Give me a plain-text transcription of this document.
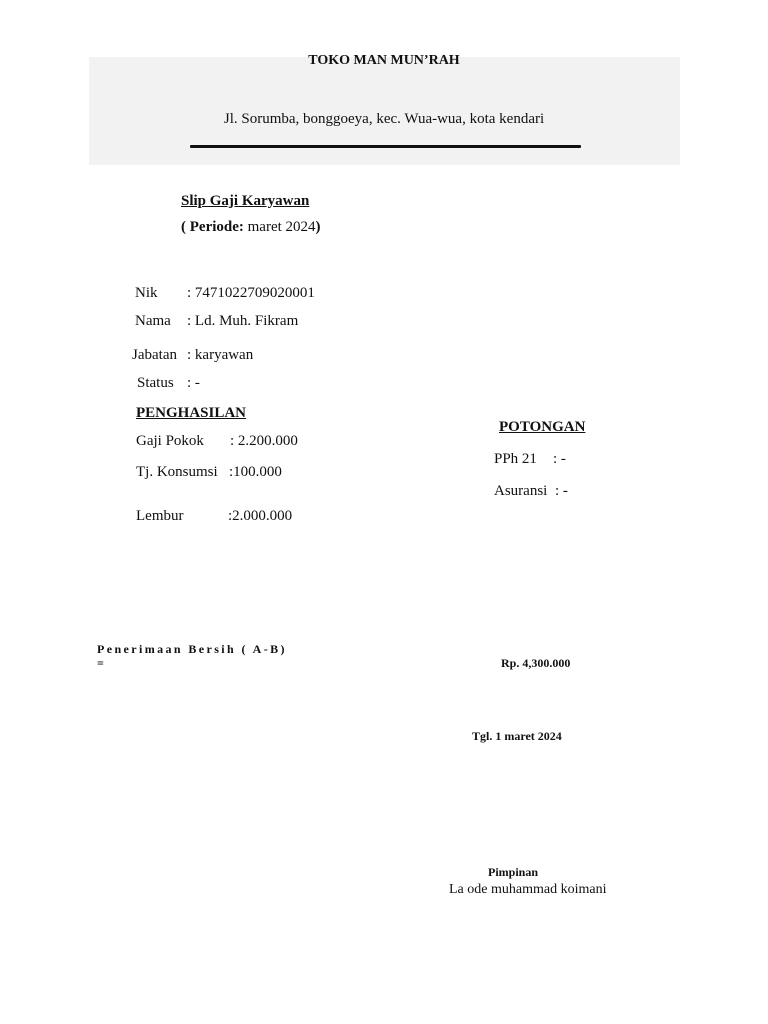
TOKO MAN MUN’RAH
Jl. Sorumba, bonggoeya, kec. Wua-wua, kota kendari
Slip Gaji Karyawan
( Periode: maret 2024)
Nik : 7471022709020001
Nama : Ld. Muh. Fikram
Jabatan : karyawan
Status : -
PENGHASILAN
Gaji Pokok : 2.200.000
Tj. Konsumsi :100.000
Lembur	:2.000.000
POTONGAN
PPh 21 : -
Asuransi : -
Penerimaan Bersih ( A-B)
=	Rp. 4,300.000
Tgl. 1 maret 2024
Pimpinan
La ode muhammad koimani
